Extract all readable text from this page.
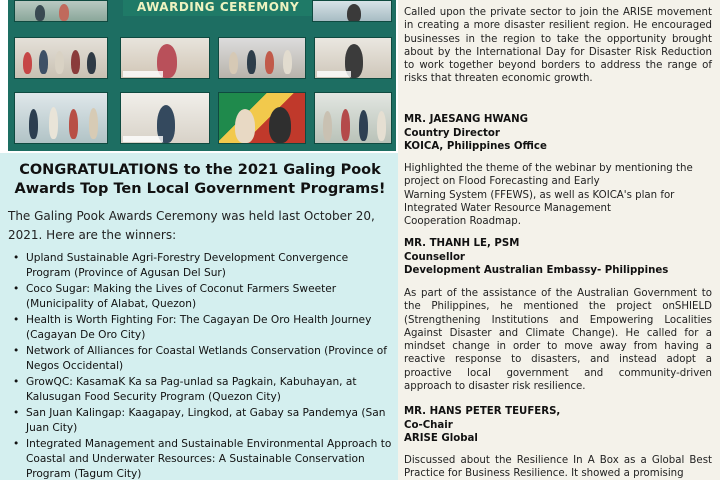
AWARDING CEREMONY
CONGRATULATIONS to the 2021 Galing Pook
Awards Top Ten Local Government Programs!
The Galing Pook Awards Ceremony was held last October 20, 2021. Here are the winners:
• Upland Sustainable Agri-Forestry Development Convergence Program (Province of Agusan Del Sur)
• Coco Sugar: Making the Lives of Coconut Farmers Sweeter (Municipality of Alabat, Quezon)
• Health is Worth Fighting For: The Cagayan De Oro Health Journey (Cagayan De Oro City)
• Network of Alliances for Coastal Wetlands Conservation (Province of Negos Occidental)
• GrowQC: KasamaK Ka sa Pag-unlad sa Pagkain, Kabuhayan, at Kalusugan Food Security Program (Quezon City)
• San Juan Kalingap: Kaagapay, Lingkod, at Gabay sa Pandemya (San Juan City)
• Integrated Management and Sustainable Environmental Approach to Coastal and Underwater Resources: A Sustainable Conservation Program (Tagum City)
Called upon the private sector to join the ARISE movement in creating a more disaster resilient region. He encouraged businesses in the region to take the opportunity brought about by the International Day for Disaster Risk Reduction to work together beyond borders to address the range of risks that threaten economic growth.
MR. JAESANG HWANG
Country Director
KOICA, Philippines Office
Highlighted the theme of the webinar by mentioning the
project on Flood Forecasting and Early
Warning System (FFEWS), as well as KOICA's plan for
Integrated Water Resource Management
Cooperation Roadmap.
MR. THANH LE, PSM
Counsellor
Development Australian Embassy- Philippines
As part of the assistance of the Australian Government to the Philippines, he mentioned the project onSHIELD (Strengthening Institutions and Empowering Localities Against Disaster and Climate Change). He called for a mindset change in order to move away from having a reactive response to disasters, and instead adopt a proactive local government and community-driven approach to disaster risk resilience.
MR. HANS PETER TEUFERS,
Co-Chair
ARISE Global
Discussed about the Resilience In A Box as a Global Best Practice for Business Resilience. It showed a promising
